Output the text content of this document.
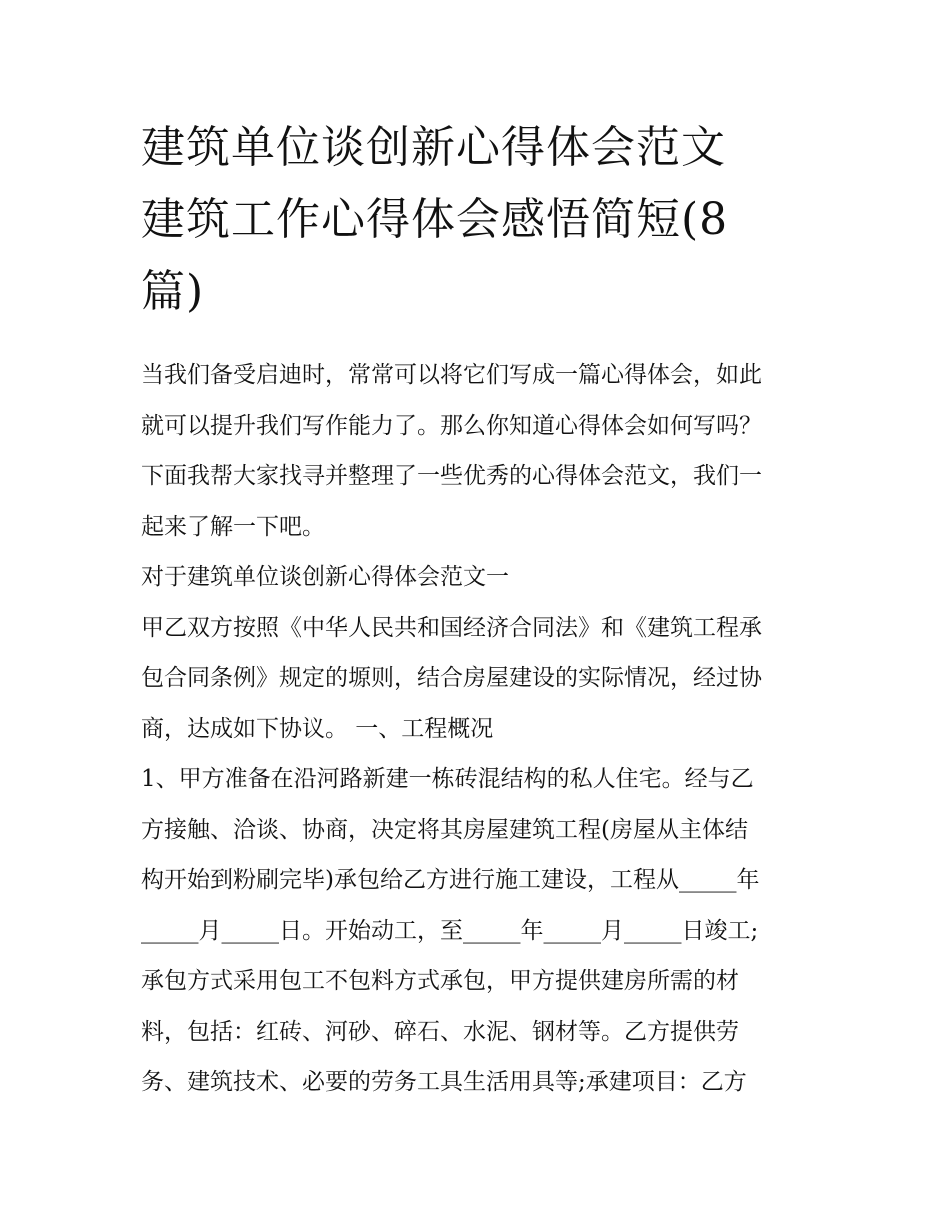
建筑单位谈创新心得体会范文
建筑工作心得体会感悟简短(8
篇)
当我们备受启迪时，常常可以将它们写成一篇心得体会，如此
就可以提升我们写作能力了。那么你知道心得体会如何写吗？
下面我帮大家找寻并整理了一些优秀的心得体会范文，我们一
起来了解一下吧。
对于建筑单位谈创新心得体会范文一
甲乙双方按照《中华人民共和国经济合同法》和《建筑工程承
包合同条例》规定的塬则，结合房屋建设的实际情况，经过协
商，达成如下协议。 一、工程概况
1、甲方准备在沿河路新建一栋砖混结构的私人住宅。经与乙
方接触、洽谈、协商，决定将其房屋建筑工程(房屋从主体结
构开始到粉刷完毕)承包给乙方进行施工建设，工程从_____年
_____月_____日。开始动工，至_____年_____月_____日竣工;
承包方式采用包工不包料方式承包，甲方提供建房所需的材
料，包括：红砖、河砂、碎石、水泥、钢材等。乙方提供劳
务、建筑技术、必要的劳务工具生活用具等;承建项目：乙方
